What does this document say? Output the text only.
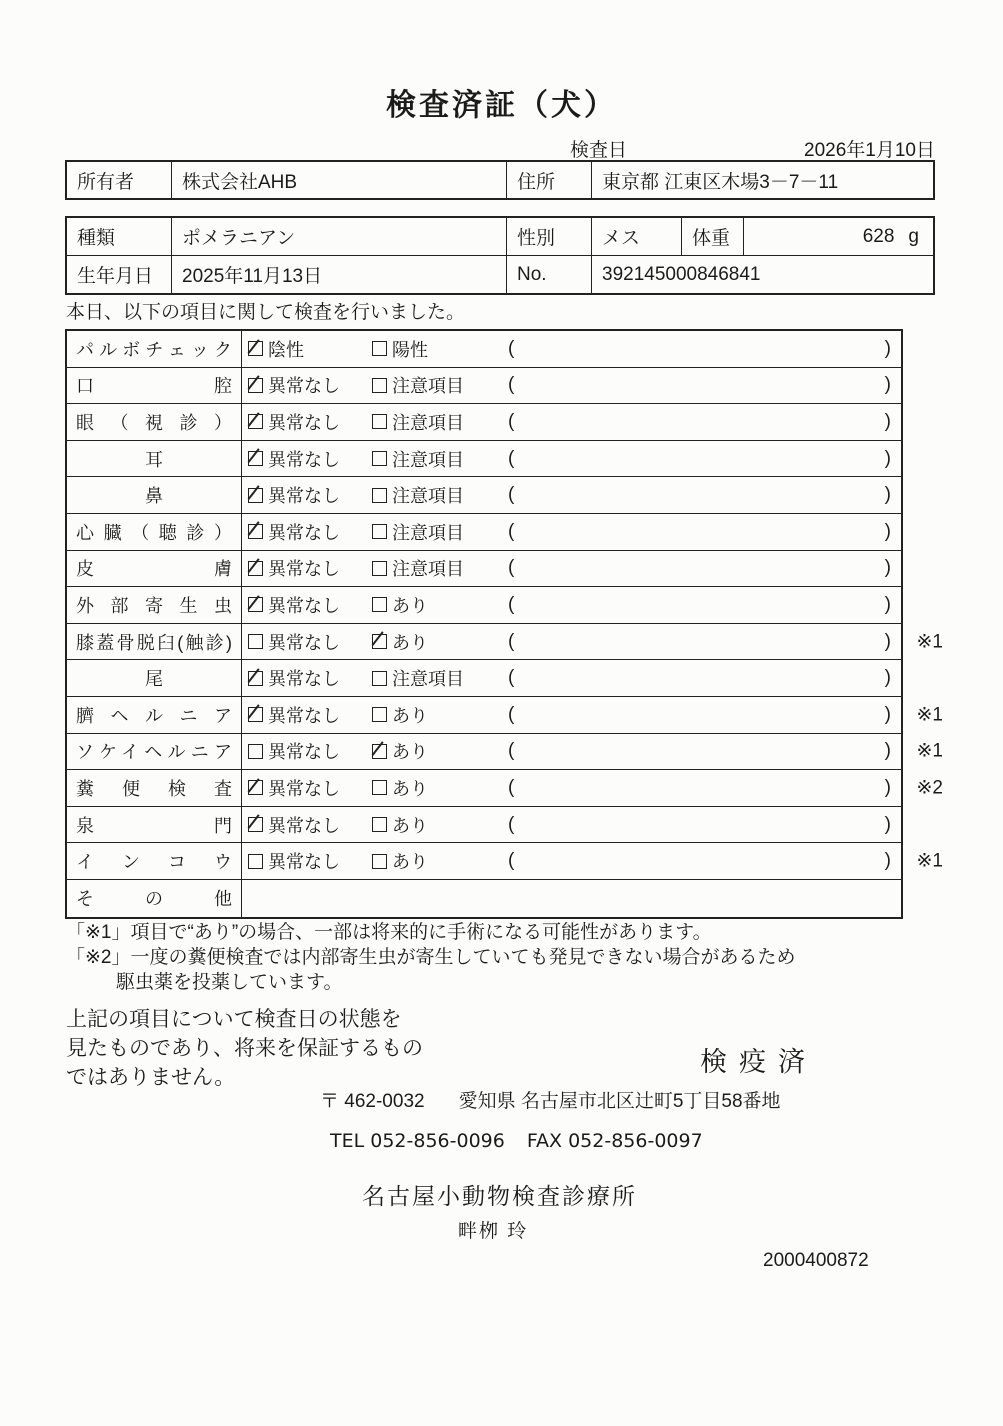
検査済証（犬）
検査日	2026年1月10日
所有者	株式会社AHB	住所	東京都 江東区木場3－7－11
種類	ポメラニアン	性別	メス	体重	628 g
生年月日	2025年11月13日	No.	392145000846841
本日、以下の項目に関して検査を行いました。
パルボチェック 陰性	陽性	(	)
口腔 異常なし	注意項目 (	)
眼（視診） 異常なし	注意項目 (	)
耳	異常なし	注意項目 (	)
鼻	異常なし	注意項目 (	)
心臓（聴診） 異常なし	注意項目 (	)
皮膚 異常なし	注意項目 (	)
外部寄生虫 異常なし	あり	(	)
膝蓋骨脱臼(触診) 異常なし	あり	(	) ※1
尾	異常なし	注意項目 (	)
臍ヘルニア 異常なし	あり	(	) ※1
ソケイヘルニア 異常なし	あり	(	) ※1
糞便検査 異常なし	あり	(	) ※2
泉門 異常なし	あり	(	)
インコウ 異常なし	あり	(	) ※1
その他
「※1」項目で“あり”の場合、一部は将来的に手術になる可能性があります。
「※2」一度の糞便検査では内部寄生虫が寄生していても発見できない場合があるため
駆虫薬を投薬しています。
上記の項目について検査日の状態を
見たものであり、将来を保証するもの
ではありません。
検疫済
〒 462-0032 愛知県 名古屋市北区辻町5丁目58番地
TEL 052-856-0096 FAX 052-856-0097
名古屋小動物検査診療所
畔栁 玲
2000400872
